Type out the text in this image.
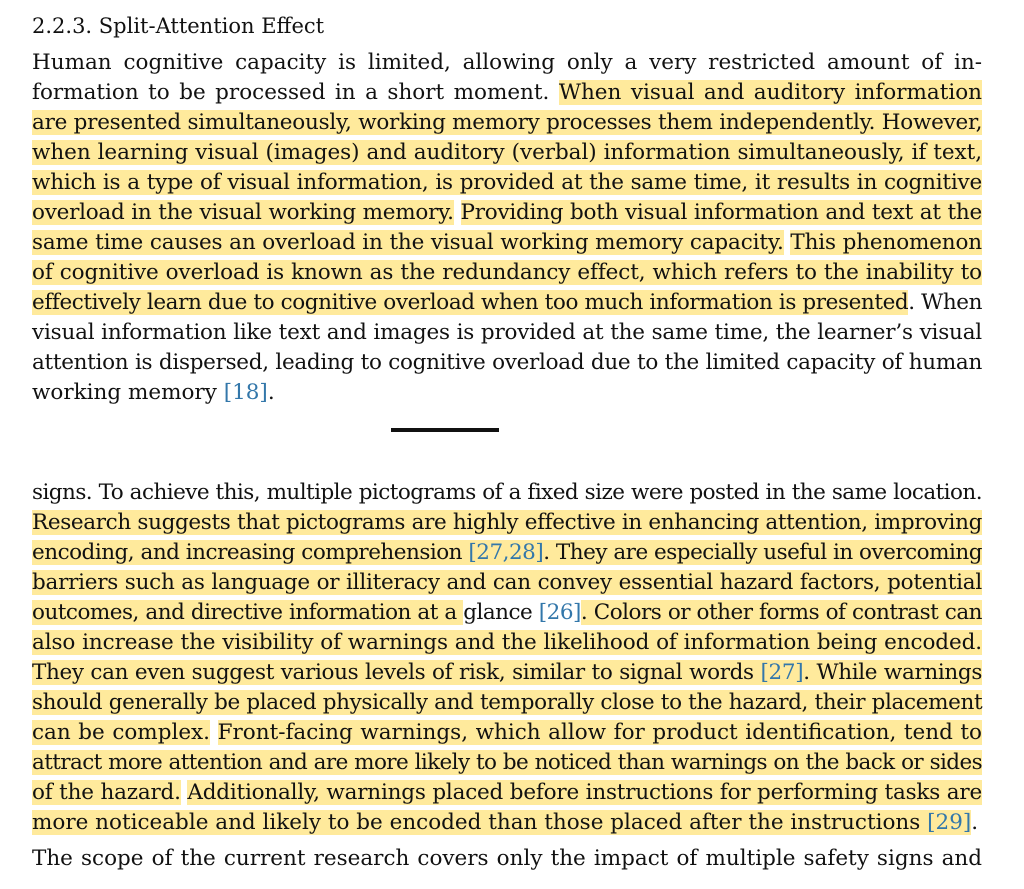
2.2.3. Split-Attention Effect
Human cognitive capacity is limited, allowing only a very restricted amount of in-
formation to be processed in a short moment. When visual and auditory information
are presented simultaneously, working memory processes them independently. However,
when learning visual (images) and auditory (verbal) information simultaneously, if text,
which is a type of visual information, is provided at the same time, it results in cognitive
overload in the visual working memory. Providing both visual information and text at the
same time causes an overload in the visual working memory capacity. This phenomenon
of cognitive overload is known as the redundancy effect, which refers to the inability to
effectively learn due to cognitive overload when too much information is presented. When
visual information like text and images is provided at the same time, the learner’s visual
attention is dispersed, leading to cognitive overload due to the limited capacity of human
working memory [18].
signs. To achieve this, multiple pictograms of a fixed size were posted in the same location.
Research suggests that pictograms are highly effective in enhancing attention, improving
encoding, and increasing comprehension [27,28]. They are especially useful in overcoming
barriers such as language or illiteracy and can convey essential hazard factors, potential
outcomes, and directive information at a glance [26]. Colors or other forms of contrast can
also increase the visibility of warnings and the likelihood of information being encoded.
They can even suggest various levels of risk, similar to signal words [27]. While warnings
should generally be placed physically and temporally close to the hazard, their placement
can be complex. Front-facing warnings, which allow for product identification, tend to
attract more attention and are more likely to be noticed than warnings on the back or sides
of the hazard. Additionally, warnings placed before instructions for performing tasks are
more noticeable and likely to be encoded than those placed after the instructions [29].
The scope of the current research covers only the impact of multiple safety signs and
